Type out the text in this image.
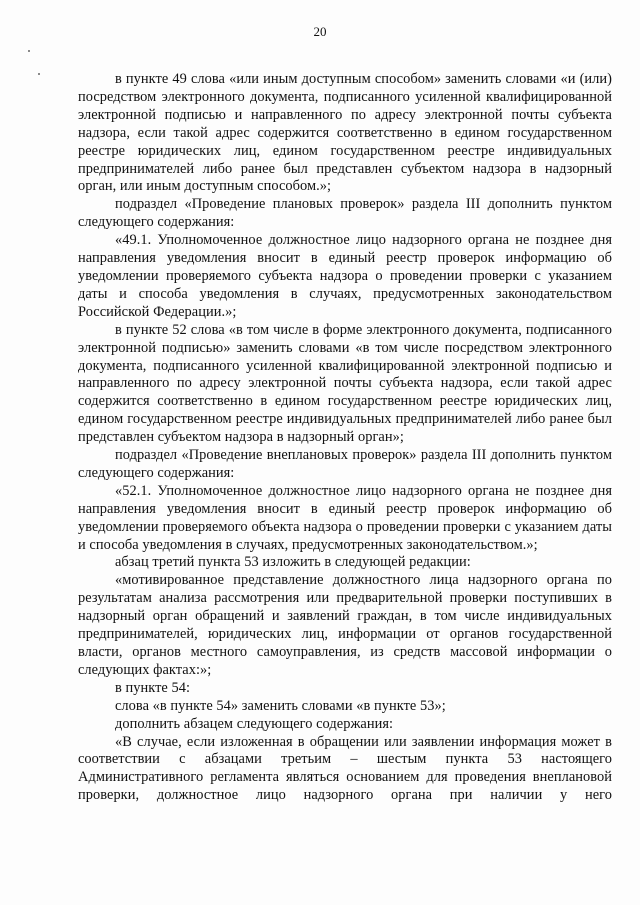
20

в пункте 49 слова «или иным доступным способом» заменить словами «и (или) посредством электронного документа, подписанного усиленной квалифицированной электронной подписью и направленного по адресу электронной почты субъекта надзора, если такой адрес содержится соответственно в едином государственном реестре юридических лиц, едином государственном реестре индивидуальных предпринимателей либо ранее был представлен субъектом надзора в надзорный орган, или иным доступным способом.»;

подраздел «Проведение плановых проверок» раздела III дополнить пунктом следующего содержания:

«49.1. Уполномоченное должностное лицо надзорного органа не позднее дня направления уведомления вносит в единый реестр проверок информацию об уведомлении проверяемого субъекта надзора о проведении проверки с указанием даты и способа уведомления в случаях, предусмотренных законодательством Российской Федерации.»;

в пункте 52 слова «в том числе в форме электронного документа, подписанного электронной подписью» заменить словами «в том числе посредством электронного документа, подписанного усиленной квалифицированной электронной подписью и направленного по адресу электронной почты субъекта надзора, если такой адрес содержится соответственно в едином государственном реестре юридических лиц, едином государственном реестре индивидуальных предпринимателей либо ранее был представлен субъектом надзора в надзорный орган»;

подраздел «Проведение внеплановых проверок» раздела III дополнить пунктом следующего содержания:

«52.1. Уполномоченное должностное лицо надзорного органа не позднее дня направления уведомления вносит в единый реестр проверок информацию об уведомлении проверяемого объекта надзора о проведении проверки с указанием даты и способа уведомления в случаях, предусмотренных законодательством.»;

абзац третий пункта 53 изложить в следующей редакции:

«мотивированное представление должностного лица надзорного органа по результатам анализа рассмотрения или предварительной проверки поступивших в надзорный орган обращений и заявлений граждан, в том числе индивидуальных предпринимателей, юридических лиц, информации от органов государственной власти, органов местного самоуправления, из средств массовой информации о следующих фактах:»;

в пункте 54:

слова «в пункте 54» заменить словами «в пункте 53»;

дополнить абзацем следующего содержания:

«В случае, если изложенная в обращении или заявлении информация может в соответствии с абзацами третьим – шестым пункта 53 настоящего Административного регламента являться основанием для проведения внеплановой проверки, должностное лицо надзорного органа при наличии у него
